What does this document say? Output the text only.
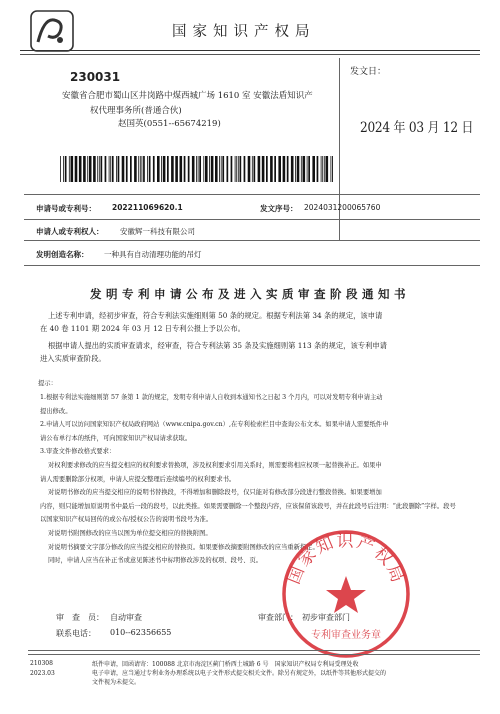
国家知识产权局
230031
安徽省合肥市蜀山区井岗路中煤西城广场 1610 室 安徽法盾知识产
权代理事务所(普通合伙)
赵国英(0551--65674219)
发文日：
2024 年 03 月 12 日
申请号或专利号： 202211069620.1	发文序号： 2024031200065760
申请人或专利权人： 安徽辉一科技有限公司
发明创造名称： 一种具有自动清理功能的吊灯
发明专利申请公布及进入实质审查阶段通知书
上述专利申请，经初步审查，符合专利法实施细则第 50 条的规定。根据专利法第 34 条的规定，该申请
在 40 卷 1101 期 2024 年 03 月 12 日专利公报上予以公布。
根据申请人提出的实质审查请求，经审查，符合专利法第 35 条及实施细则第 113 条的规定，该专利申请
进入实质审查阶段。
提示：
1.根据专利法实施细则第 57 条第 1 款的规定，发明专利申请人自收到本通知书之日起 3 个月内，可以对发明专利申请主动
提出修改。
2.申请人可以访问国家知识产权局政府网站（www.cnipa.gov.cn）,在专利检索栏目中查询公布文本。如果申请人需要纸件申
请公布单行本的纸件，可向国家知识产权局请求获取。
3.审查文件修改格式要求：
对权利要求修改的应当提交相应的权利要求替换项，涉及权利要求引用关系时，则需要将相应权项一起替换补正。如果申
请人需要删除部分权项，申请人应提交整理后连续编号的权利要求书。
对说明书修改的应当提交相应的说明书替换段，不得增加和删除段号，仅只能对有修改部分段进行整段替换。如果要增加
内容，则只能增加原说明书中最后一段的段号，以此类推。如果需要删除一个整段内容，应该保留该段号，并在此段号后注明：“此段删除”字样。段号
以国家知识产权局回传的或公布/授权公告的说明书段号为准。
对说明书附图修改的应当以图为单位提交相应的替换附图。
对说明书摘要文字部分修改的应当提交相应的替换页。如果要修改摘要附图修改的应当重新指定。
同时，申请人应当在补正书或意见陈述书中标明修改涉及的权项、段号、页。
审　查　员： 自动审查
联系电话： 010--62356655
审查部门： 初步审查部门
国家知识产权局
专利审查业务章
210308
2023.03
纸件申请，回函请寄：100088 北京市海淀区蓟门桥西土城路 6 号　国家知识产权局专利局受理处收
电子申请，应当通过专利业务办理系统以电子文件形式提交相关文件。除另有规定外，以纸件等其他形式提交的
文件视为未提交。
